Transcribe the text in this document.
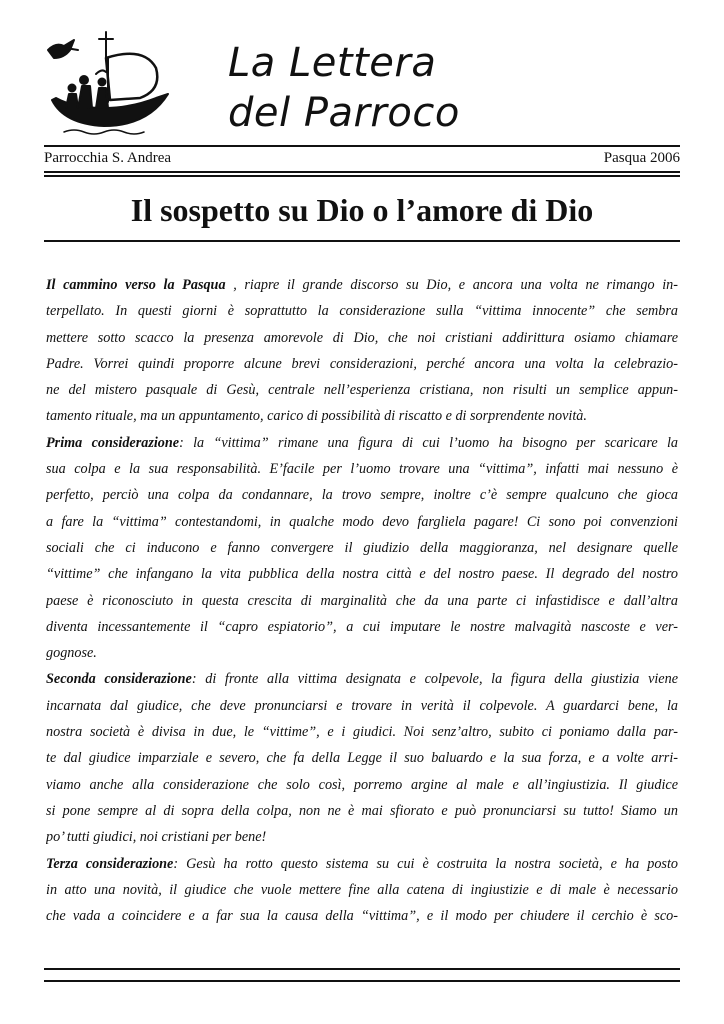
La Lettera
del Parroco
Parrocchia S. Andrea	Pasqua 2006
Il sospetto su Dio o l’amore di Dio
Il cammino verso la Pasqua , riapre il grande discorso su Dio, e ancora una volta ne rimango in-
terpellato. In questi giorni è soprattutto la considerazione sulla “vittima innocente” che sembra
mettere sotto scacco la presenza amorevole di Dio, che noi cristiani addirittura osiamo chiamare
Padre. Vorrei quindi proporre alcune brevi considerazioni, perché ancora una volta la celebrazio-
ne del mistero pasquale di Gesù, centrale nell’esperienza cristiana, non risulti un semplice appun-
tamento rituale, ma un appuntamento, carico di possibilità di riscatto e di sorprendente novità.
Prima considerazione: la “vittima” rimane una figura di cui l’uomo ha bisogno per scaricare la
sua colpa e la sua responsabilità. E’facile per l’uomo trovare una “vittima”, infatti mai nessuno è
perfetto, perciò una colpa da condannare, la trovo sempre, inoltre c’è sempre qualcuno che gioca
a fare la “vittima” contestandomi, in qualche modo devo fargliela pagare! Ci sono poi convenzioni
sociali che ci inducono e fanno convergere il giudizio della maggioranza, nel designare quelle
“vittime” che infangano la vita pubblica della nostra città e del nostro paese. Il degrado del nostro
paese è riconosciuto in questa crescita di marginalità che da una parte ci infastidisce e dall’altra
diventa incessantemente il “capro espiatorio”, a cui imputare le nostre malvagità nascoste e ver-
gognose.
Seconda considerazione: di fronte alla vittima designata e colpevole, la figura della giustizia viene
incarnata dal giudice, che deve pronunciarsi e trovare in verità il colpevole. A guardarci bene, la
nostra società è divisa in due, le “vittime”, e i giudici. Noi senz’altro, subito ci poniamo dalla par-
te dal giudice imparziale e severo, che fa della Legge il suo baluardo e la sua forza, e a volte arri-
viamo anche alla considerazione che solo così, porremo argine al male e all’ingiustizia. Il giudice
si pone sempre al di sopra della colpa, non ne è mai sfiorato e può pronunciarsi su tutto! Siamo un
po’ tutti giudici, noi cristiani per bene!
Terza considerazione: Gesù ha rotto questo sistema su cui è costruita la nostra società, e ha posto
in atto una novità, il giudice che vuole mettere fine alla catena di ingiustizie e di male è necessario
che vada a coincidere e a far sua la causa della “vittima”, e il modo per chiudere il cerchio è sco-
